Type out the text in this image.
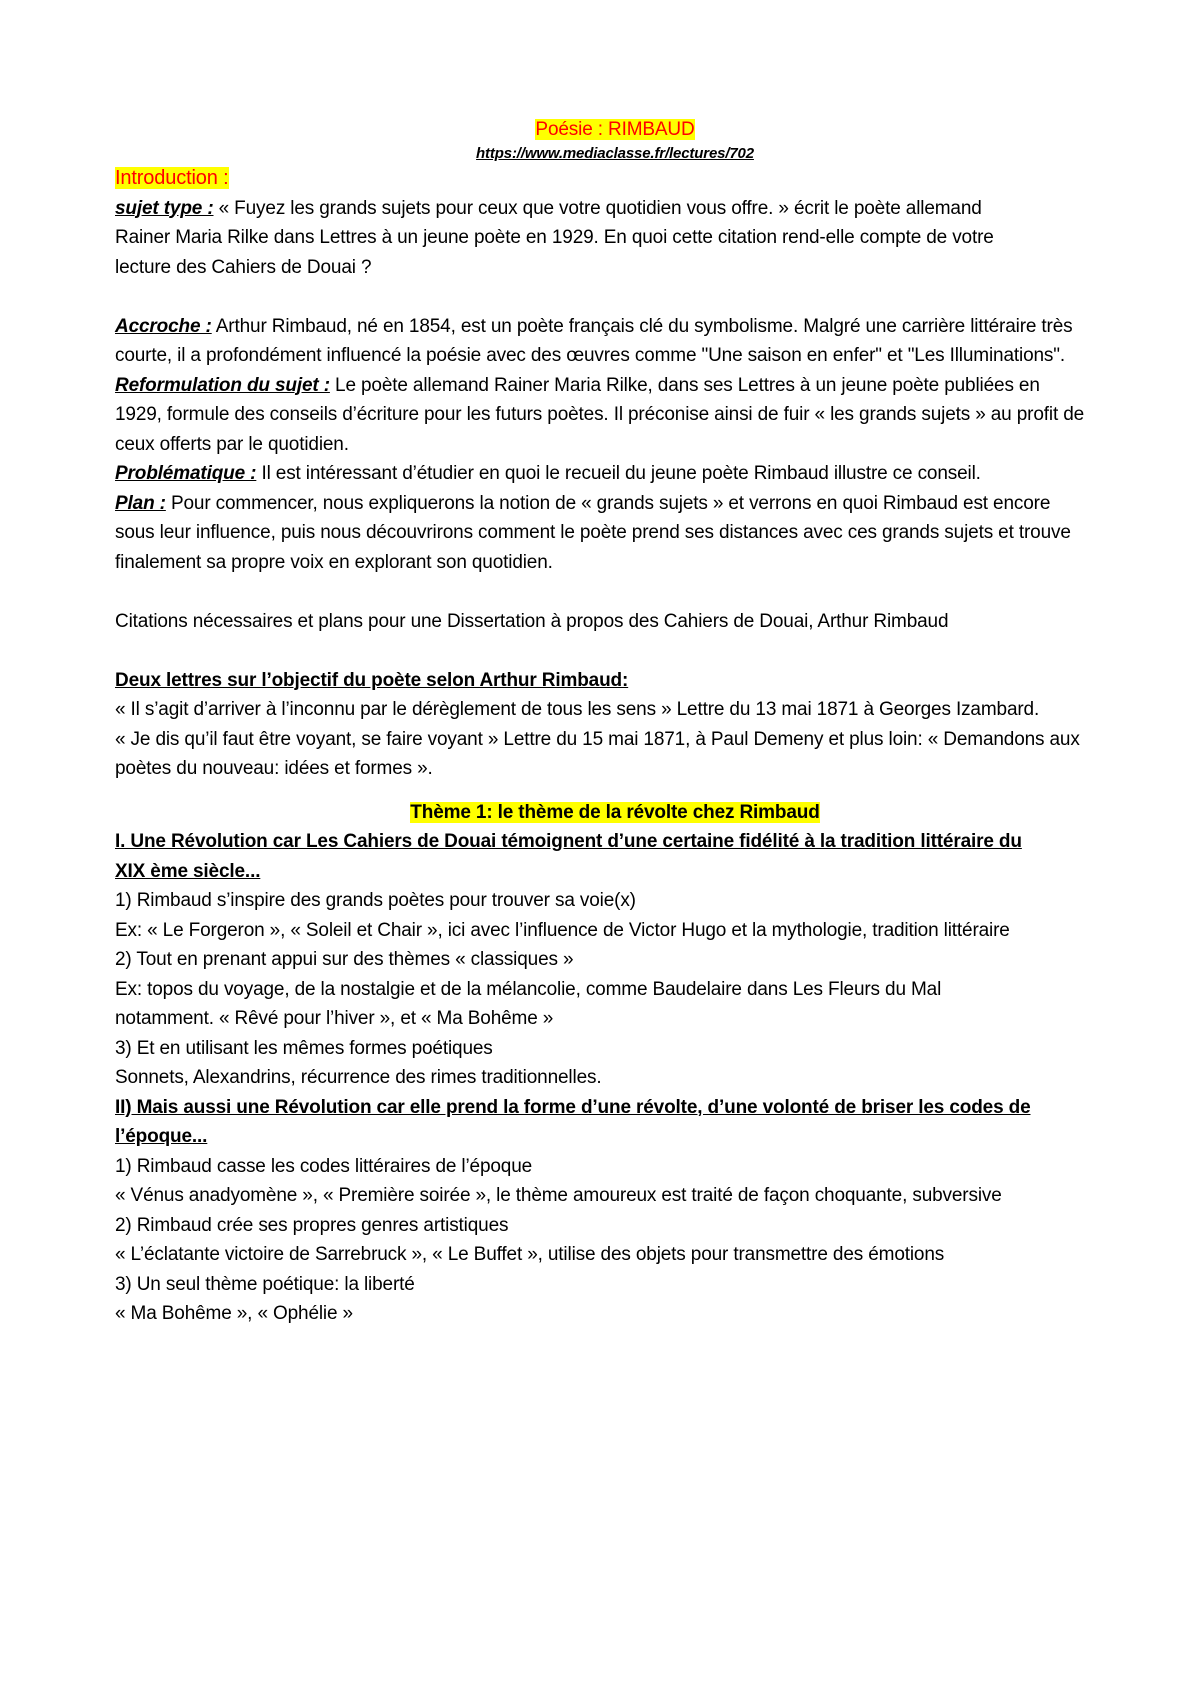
Poésie : RIMBAUD

https://www.mediaclasse.fr/lectures/702

Introduction :

sujet type : « Fuyez les grands sujets pour ceux que votre quotidien vous offre. » écrit le poète allemand Rainer Maria Rilke dans Lettres à un jeune poète en 1929. En quoi cette citation rend-elle compte de votre lecture des Cahiers de Douai ?

Accroche : Arthur Rimbaud, né en 1854, est un poète français clé du symbolisme. Malgré une carrière littéraire très courte, il a profondément influencé la poésie avec des œuvres comme "Une saison en enfer" et "Les Illuminations".

Reformulation du sujet : Le poète allemand Rainer Maria Rilke, dans ses Lettres à un jeune poète publiées en 1929, formule des conseils d’écriture pour les futurs poètes. Il préconise ainsi de fuir « les grands sujets » au profit de ceux offerts par le quotidien.

Problématique : Il est intéressant d’étudier en quoi le recueil du jeune poète Rimbaud illustre ce conseil.

Plan : Pour commencer, nous expliquerons la notion de « grands sujets » et verrons en quoi Rimbaud est encore sous leur influence, puis nous découvrirons comment le poète prend ses distances avec ces grands sujets et trouve finalement sa propre voix en explorant son quotidien.

Citations nécessaires et plans pour une Dissertation à propos des Cahiers de Douai, Arthur Rimbaud

Deux lettres sur l’objectif du poète selon Arthur Rimbaud:

« Il s’agit d’arriver à l’inconnu par le dérèglement de tous les sens » Lettre du 13 mai 1871 à Georges Izambard.

« Je dis qu’il faut être voyant, se faire voyant » Lettre du 15 mai 1871, à Paul Demeny et plus loin: « Demandons aux poètes du nouveau: idées et formes ».

Thème 1: le thème de la révolte chez Rimbaud

I. Une Révolution car Les Cahiers de Douai témoignent d’une certaine fidélité à la tradition littéraire du XIX ème siècle...

1) Rimbaud s’inspire des grands poètes pour trouver sa voie(x)

Ex: « Le Forgeron », « Soleil et Chair », ici avec l’influence de Victor Hugo et la mythologie, tradition littéraire

2) Tout en prenant appui sur des thèmes « classiques »

Ex: topos du voyage, de la nostalgie et de la mélancolie, comme Baudelaire dans Les Fleurs du Mal notamment. « Rêvé pour l’hiver », et « Ma Bohême »

3) Et en utilisant les mêmes formes poétiques

Sonnets, Alexandrins, récurrence des rimes traditionnelles.

II) Mais aussi une Révolution car elle prend la forme d’une révolte, d’une volonté de briser les codes de l’époque...

1) Rimbaud casse les codes littéraires de l’époque

« Vénus anadyomène », « Première soirée », le thème amoureux est traité de façon choquante, subversive

2) Rimbaud crée ses propres genres artistiques

« L’éclatante victoire de Sarrebruck », « Le Buffet », utilise des objets pour transmettre des émotions

3) Un seul thème poétique: la liberté

« Ma Bohême », « Ophélie »
